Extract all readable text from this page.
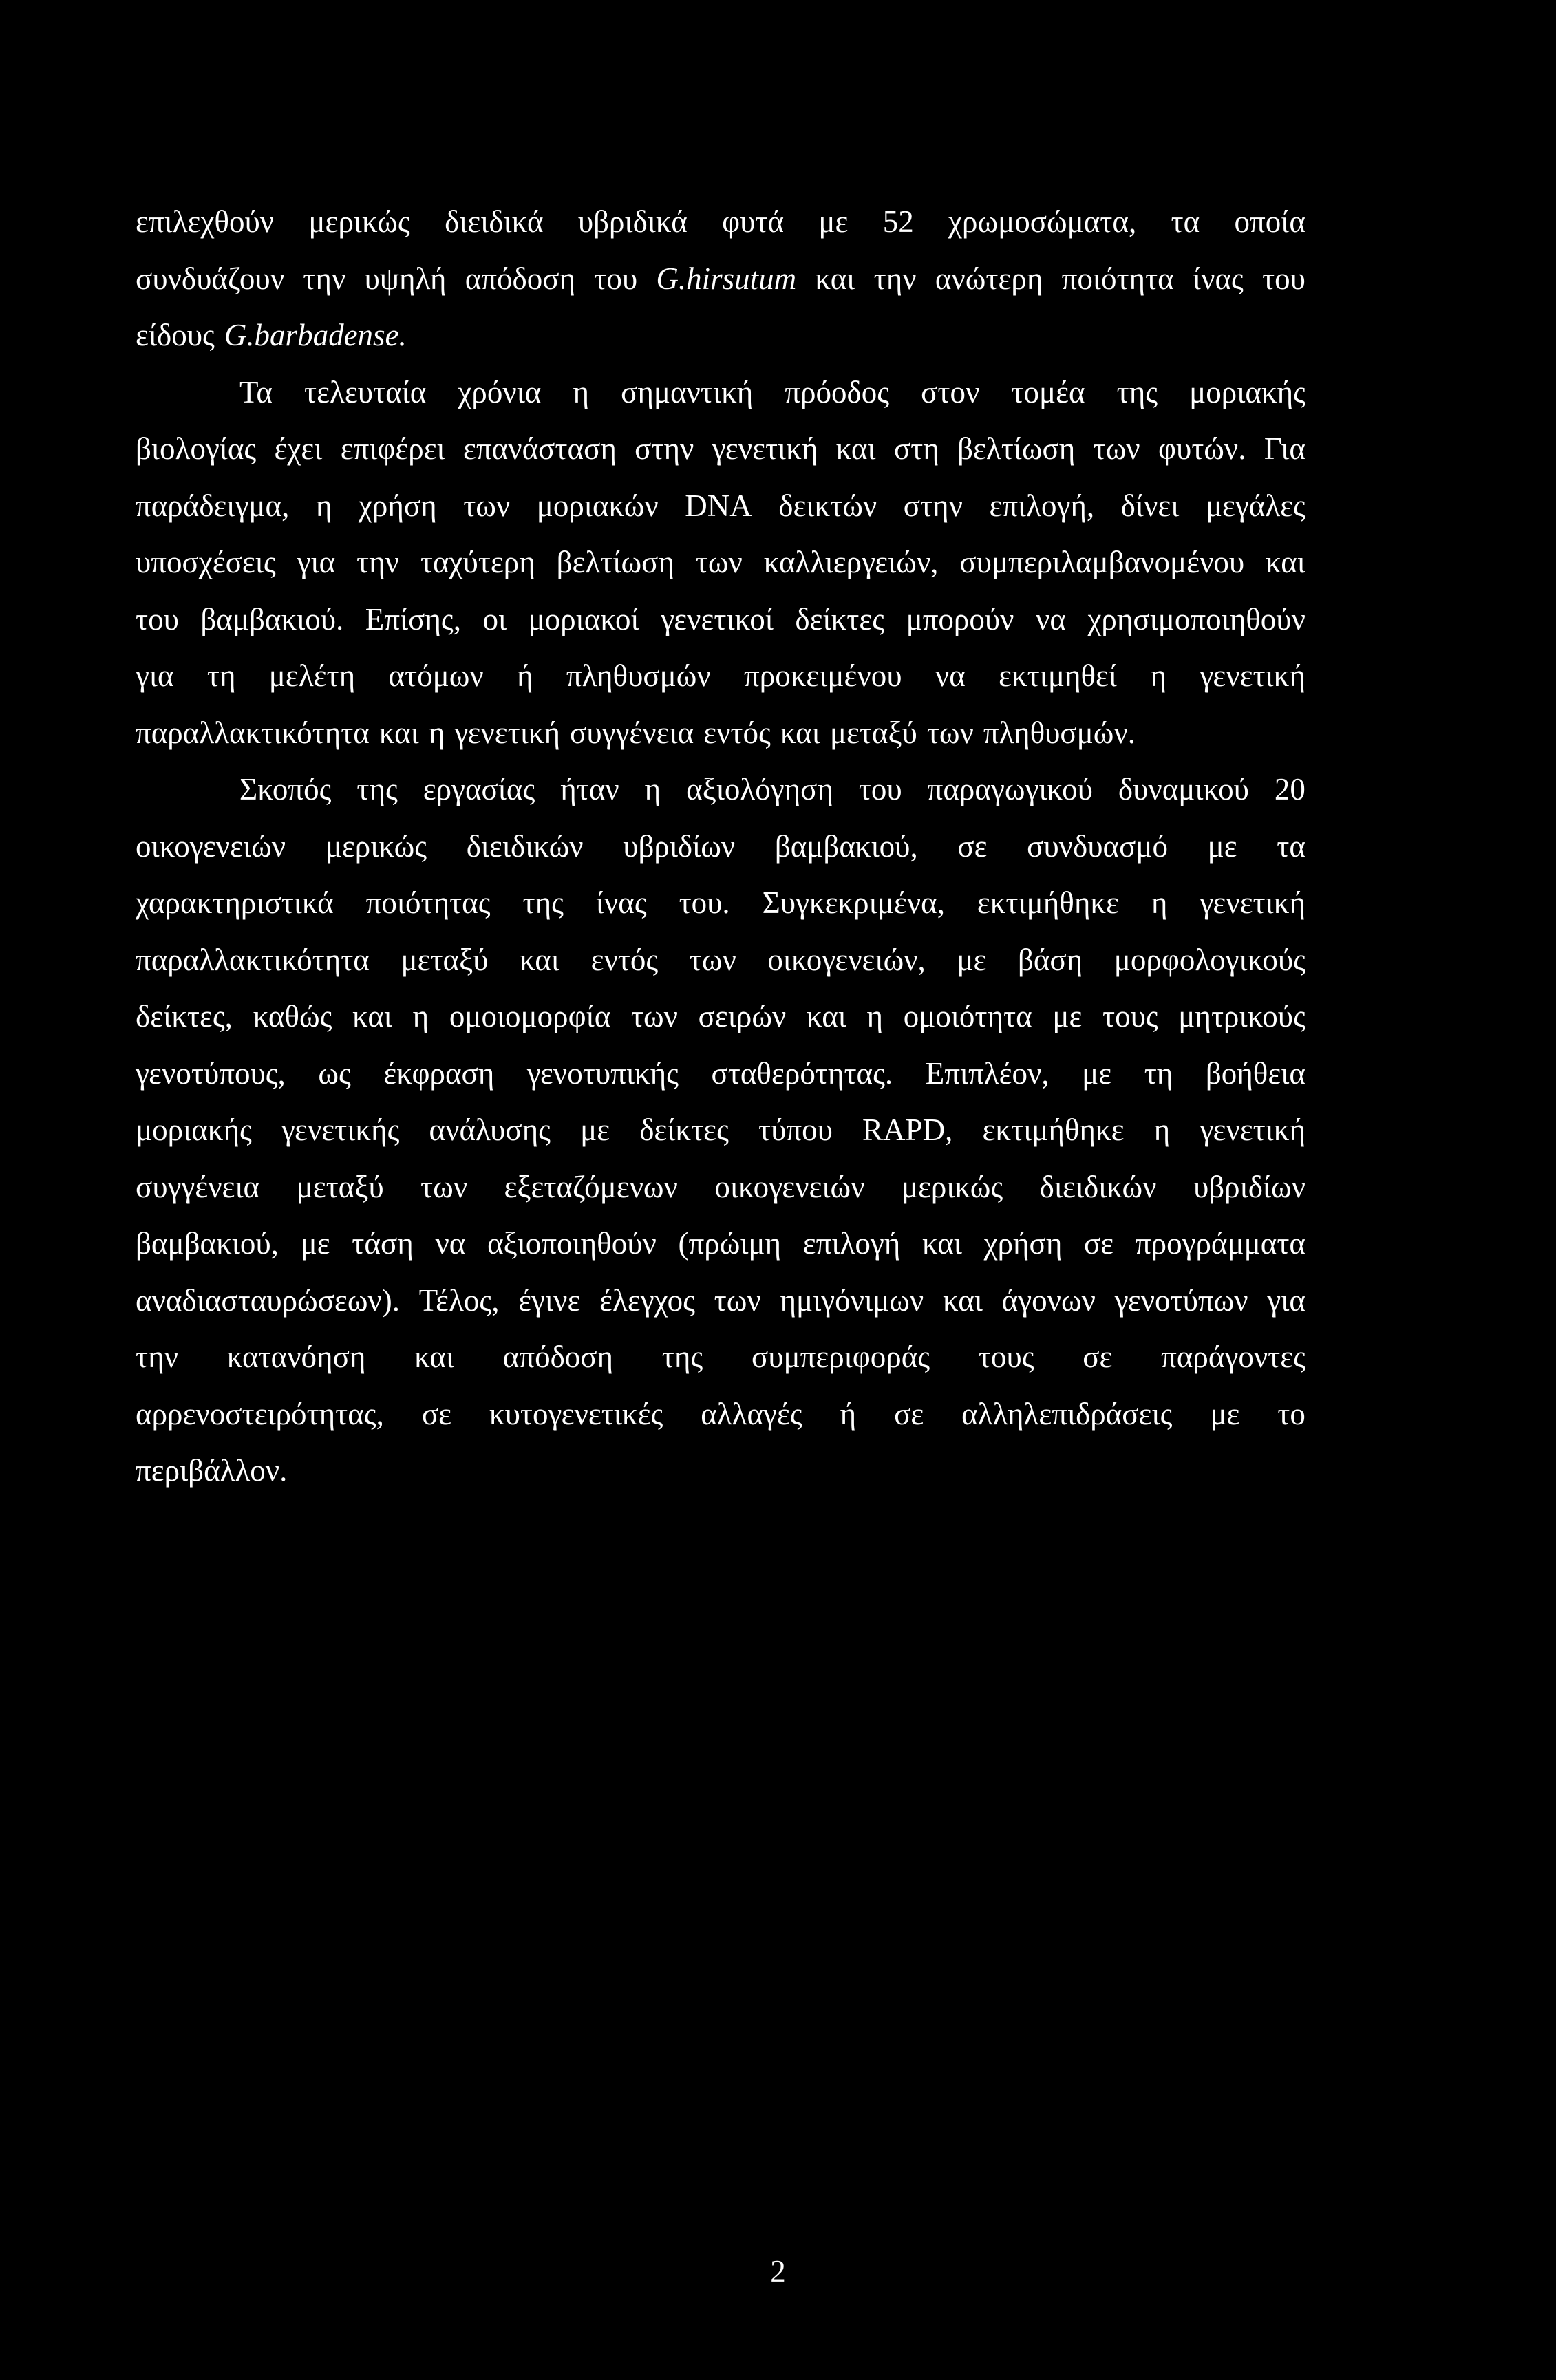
επιλεχθούν μερικώς διειδικά υβριδικά φυτά με 52 χρωμοσώματα, τα οποία
συνδυάζουν την υψηλή απόδοση του G.hirsutum και την ανώτερη ποιότητα ίνας του
είδους G.barbadense.
Τα τελευταία χρόνια η σημαντική πρόοδος στον τομέα της μοριακής
βιολογίας έχει επιφέρει επανάσταση στην γενετική και στη βελτίωση των φυτών. Για
παράδειγμα, η χρήση των μοριακών DNA δεικτών στην επιλογή, δίνει μεγάλες
υποσχέσεις για την ταχύτερη βελτίωση των καλλιεργειών, συμπεριλαμβανομένου και
του βαμβακιού. Επίσης, οι μοριακοί γενετικοί δείκτες μπορούν να χρησιμοποιηθούν
για τη μελέτη ατόμων ή πληθυσμών προκειμένου να εκτιμηθεί η γενετική
παραλλακτικότητα και η γενετική συγγένεια εντός και μεταξύ των πληθυσμών.
Σκοπός της εργασίας ήταν η αξιολόγηση του παραγωγικού δυναμικού 20
οικογενειών μερικώς διειδικών υβριδίων βαμβακιού, σε συνδυασμό με τα
χαρακτηριστικά ποιότητας της ίνας του. Συγκεκριμένα, εκτιμήθηκε η γενετική
παραλλακτικότητα μεταξύ και εντός των οικογενειών, με βάση μορφολογικούς
δείκτες, καθώς και η ομοιομορφία των σειρών και η ομοιότητα με τους μητρικούς
γενοτύπους, ως έκφραση γενοτυπικής σταθερότητας. Επιπλέον, με τη βοήθεια
μοριακής γενετικής ανάλυσης με δείκτες τύπου RAPD, εκτιμήθηκε η γενετική
συγγένεια μεταξύ των εξεταζόμενων οικογενειών μερικώς διειδικών υβριδίων
βαμβακιού, με τάση να αξιοποιηθούν (πρώιμη επιλογή και χρήση σε προγράμματα
αναδιασταυρώσεων). Τέλος, έγινε έλεγχος των ημιγόνιμων και άγονων γενοτύπων για
την κατανόηση και απόδοση της συμπεριφοράς τους σε παράγοντες
αρρενοστειρότητας, σε κυτογενετικές αλλαγές ή σε αλληλεπιδράσεις με το
περιβάλλον.
2
